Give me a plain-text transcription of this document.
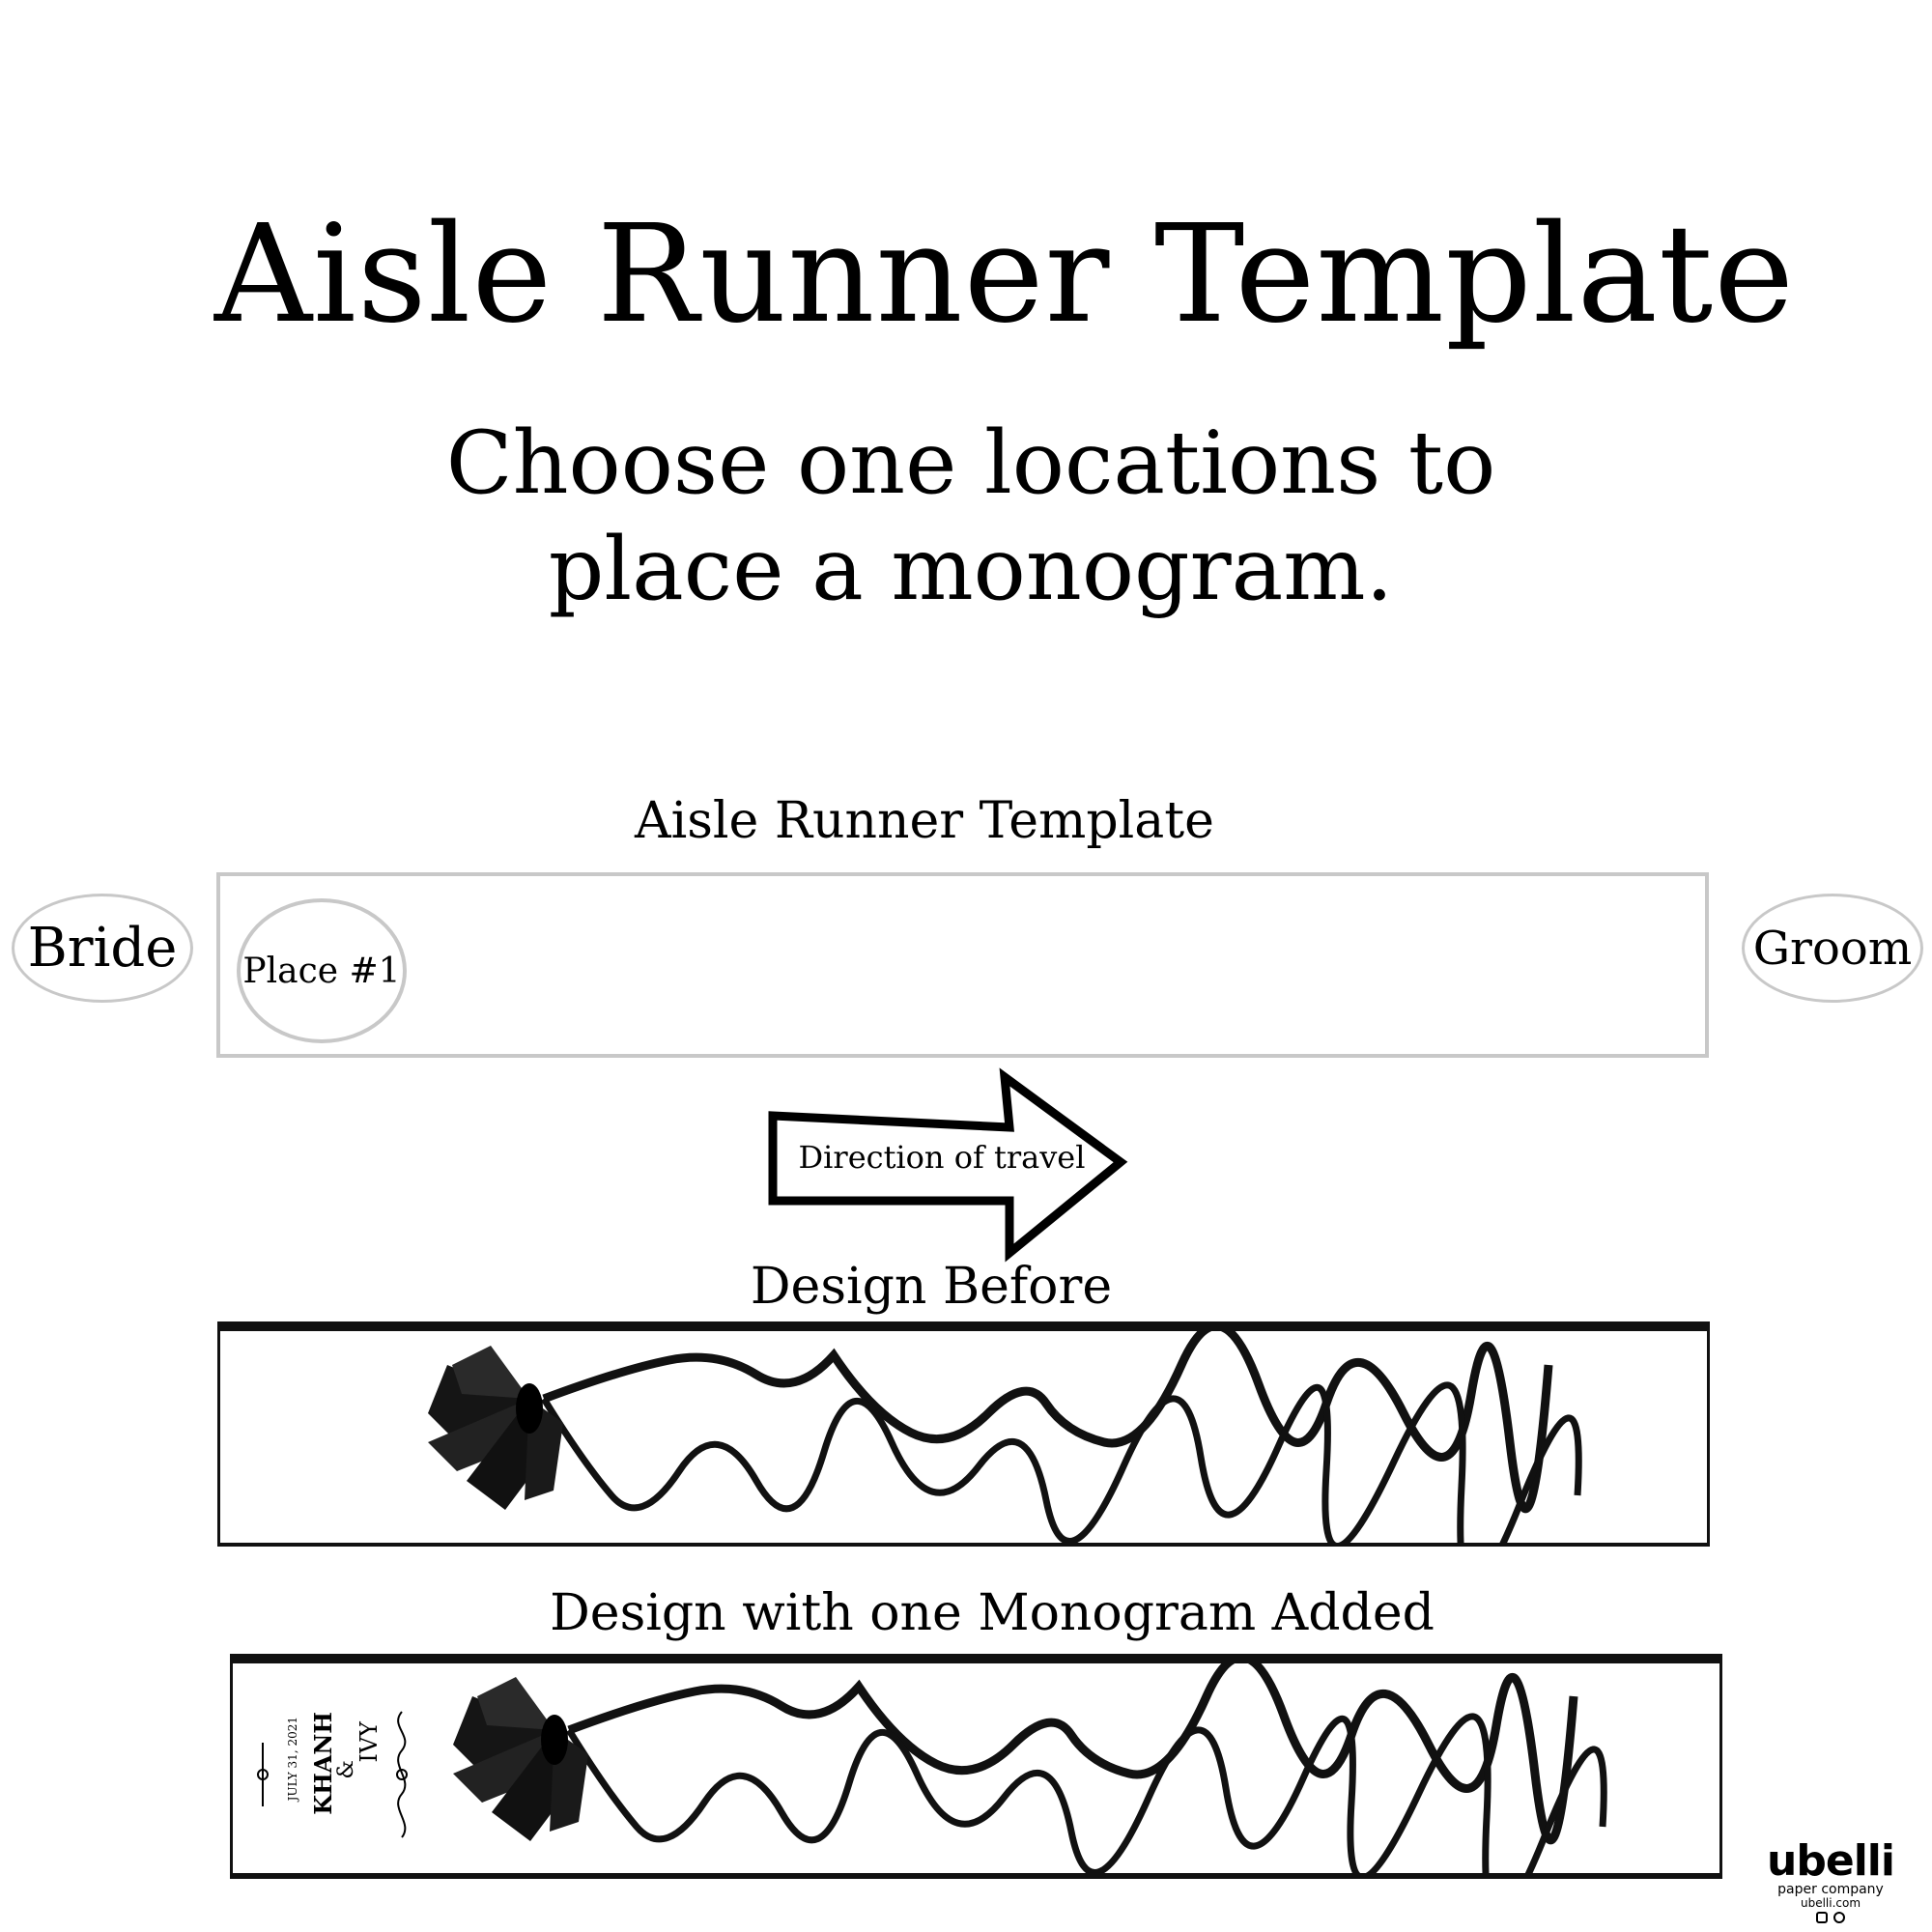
Aisle Runner Template
Choose one locations to
place a monogram.
Aisle Runner Template
Bride	Groom
Place #1
Direction of travel
Design Before
Design with one Monogram Added
IVY
&
KHANH
JULY 31, 2021
ubelli
paper company
ubelli.com
